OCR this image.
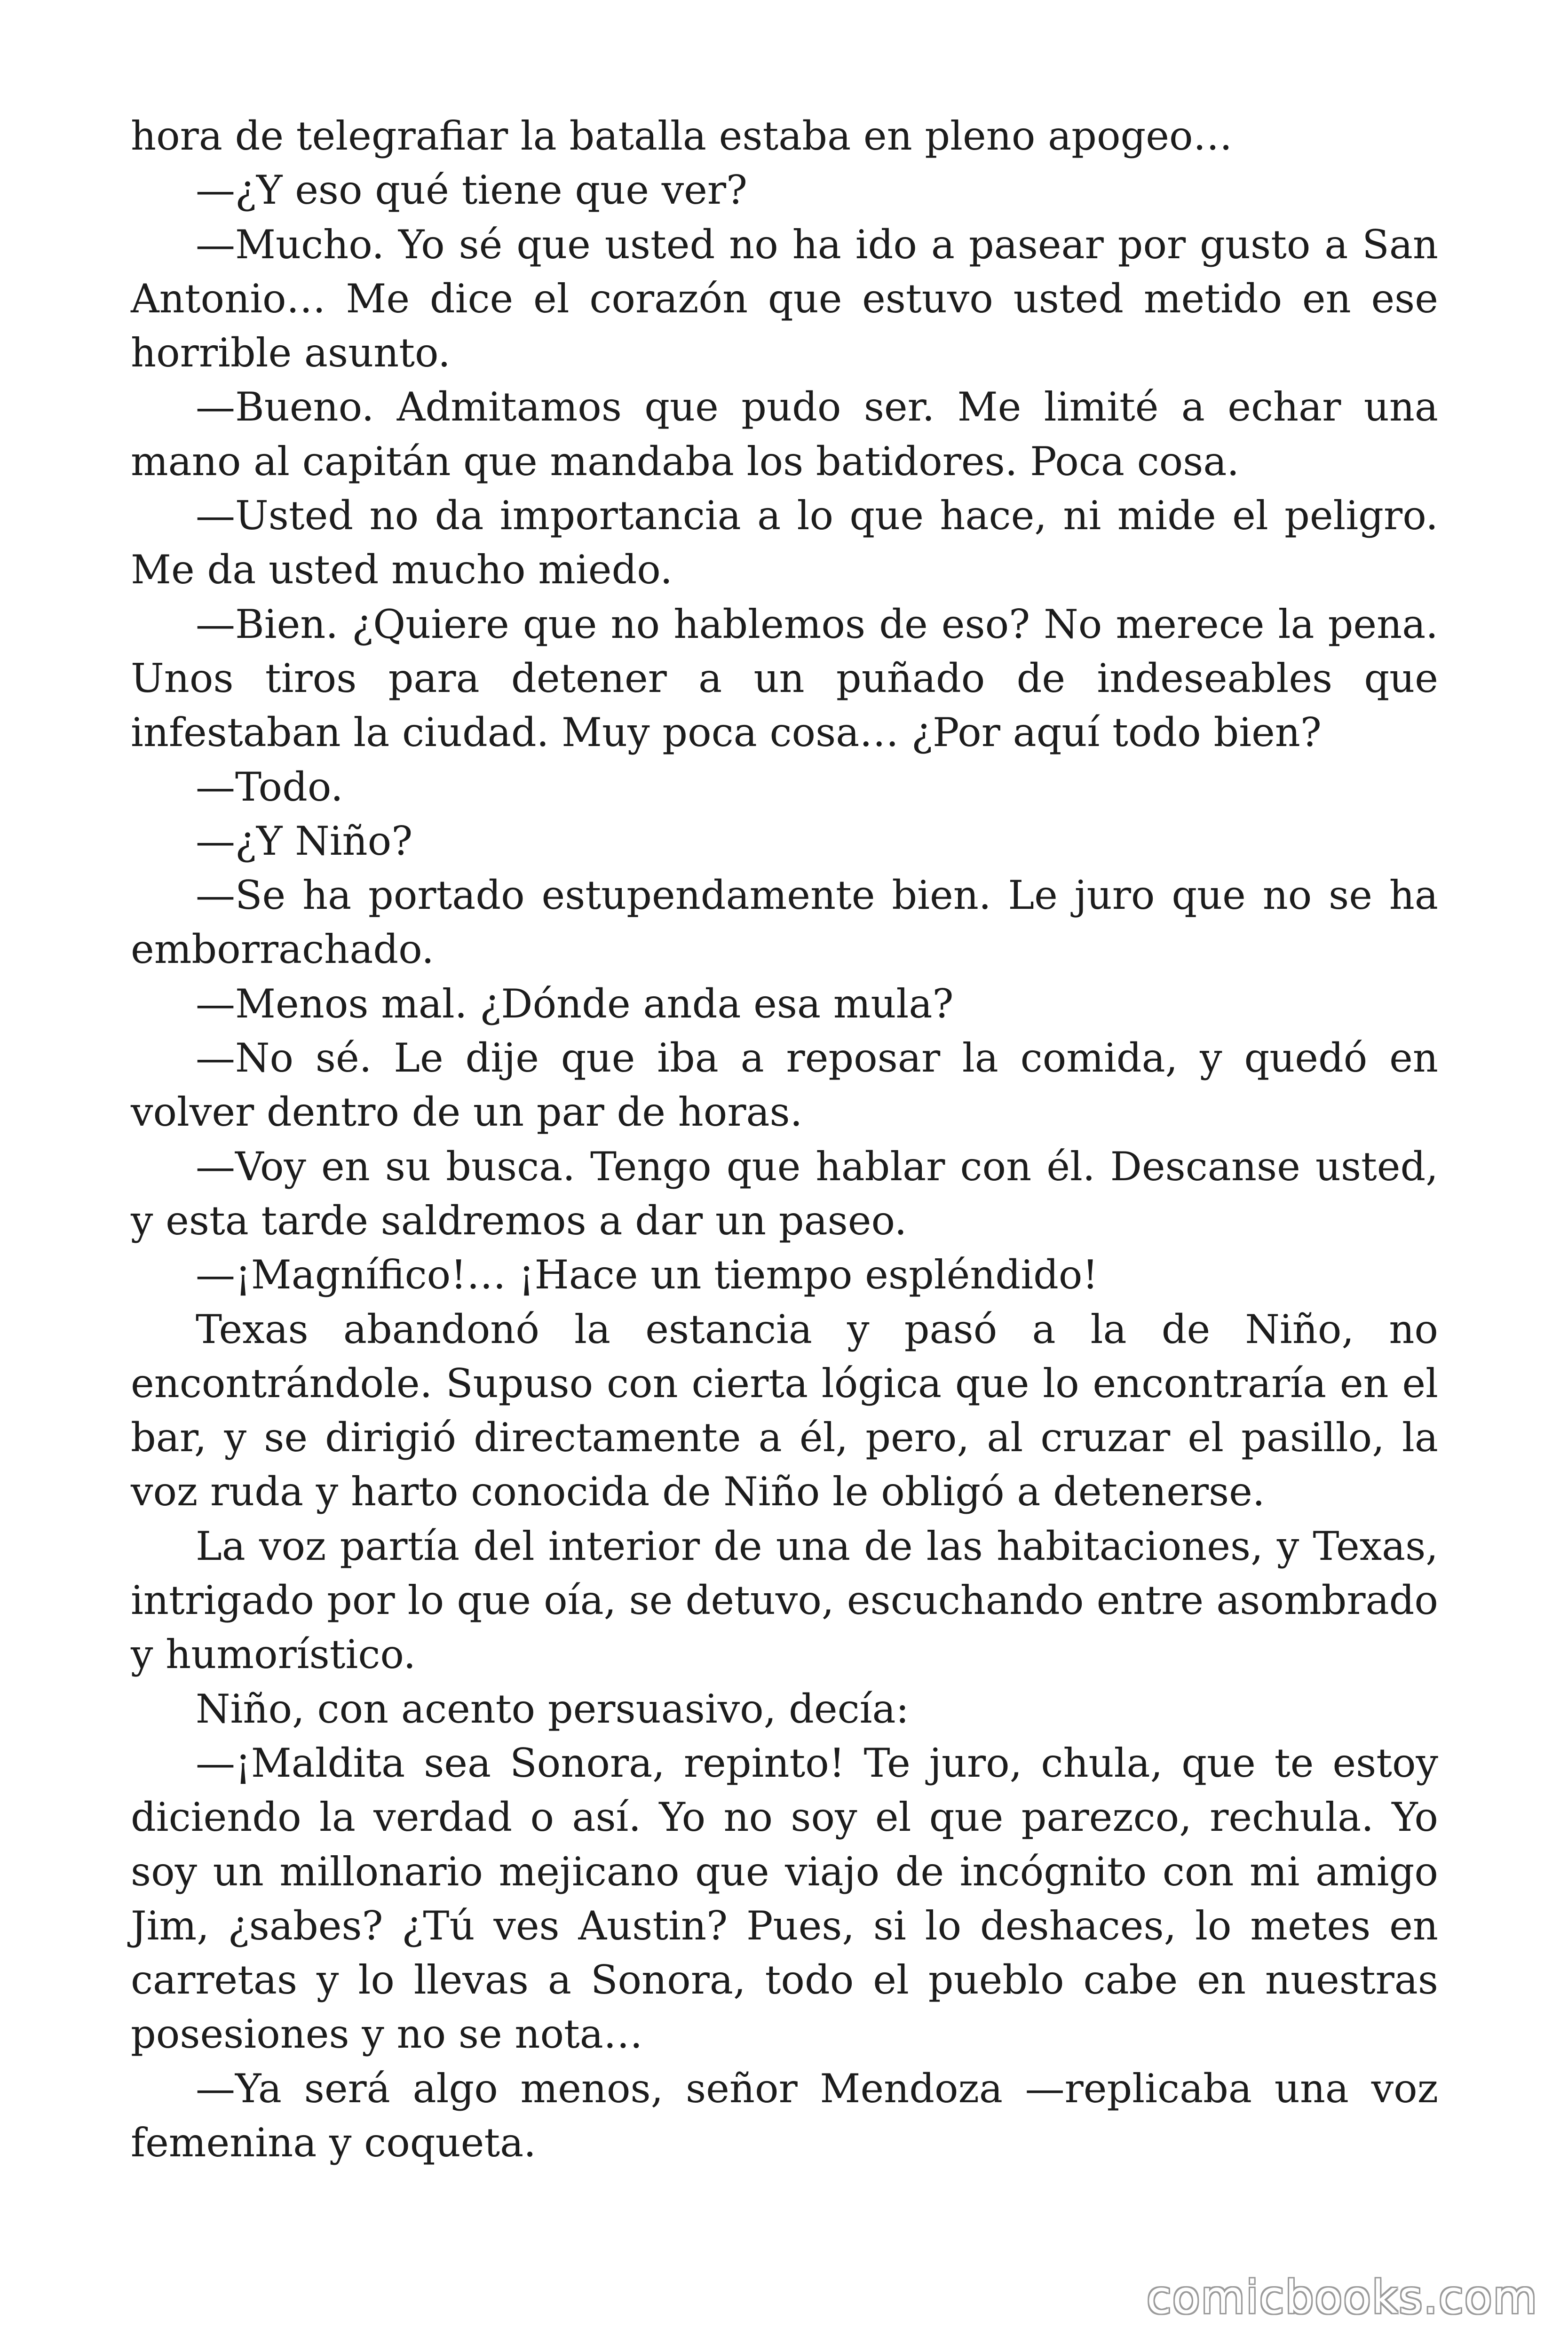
hora de telegrafiar la batalla estaba en pleno apogeo…

—¿Y eso qué tiene que ver?

—Mucho. Yo sé que usted no ha ido a pasear por gusto a San Antonio… Me dice el corazón que estuvo usted metido en ese horrible asunto.

—Bueno. Admitamos que pudo ser. Me limité a echar una mano al capitán que mandaba los batidores. Poca cosa.

—Usted no da importancia a lo que hace, ni mide el peligro. Me da usted mucho miedo.

—Bien. ¿Quiere que no hablemos de eso? No merece la pena. Unos tiros para detener a un puñado de indeseables que infestaban la ciudad. Muy poca cosa… ¿Por aquí todo bien?

—Todo.

—¿Y Niño?

—Se ha portado estupendamente bien. Le juro que no se ha emborrachado.

—Menos mal. ¿Dónde anda esa mula?

—No sé. Le dije que iba a reposar la comida, y quedó en volver dentro de un par de horas.

—Voy en su busca. Tengo que hablar con él. Descanse usted, y esta tarde saldremos a dar un paseo.

—¡Magnífico!… ¡Hace un tiempo espléndido!

Texas abandonó la estancia y pasó a la de Niño, no encontrándole. Supuso con cierta lógica que lo encontraría en el bar, y se dirigió directamente a él, pero, al cruzar el pasillo, la voz ruda y harto conocida de Niño le obligó a detenerse.

La voz partía del interior de una de las habitaciones, y Texas, intrigado por lo que oía, se detuvo, escuchando entre asombrado y humorístico.

Niño, con acento persuasivo, decía:

—¡Maldita sea Sonora, repinto! Te juro, chula, que te estoy diciendo la verdad o así. Yo no soy el que parezco, rechula. Yo soy un millonario mejicano que viajo de incógnito con mi amigo Jim, ¿sabes? ¿Tú ves Austin? Pues, si lo deshaces, lo metes en carretas y lo llevas a Sonora, todo el pueblo cabe en nuestras posesiones y no se nota…

—Ya será algo menos, señor Mendoza —replicaba una voz femenina y coqueta.

comicbooks.com
